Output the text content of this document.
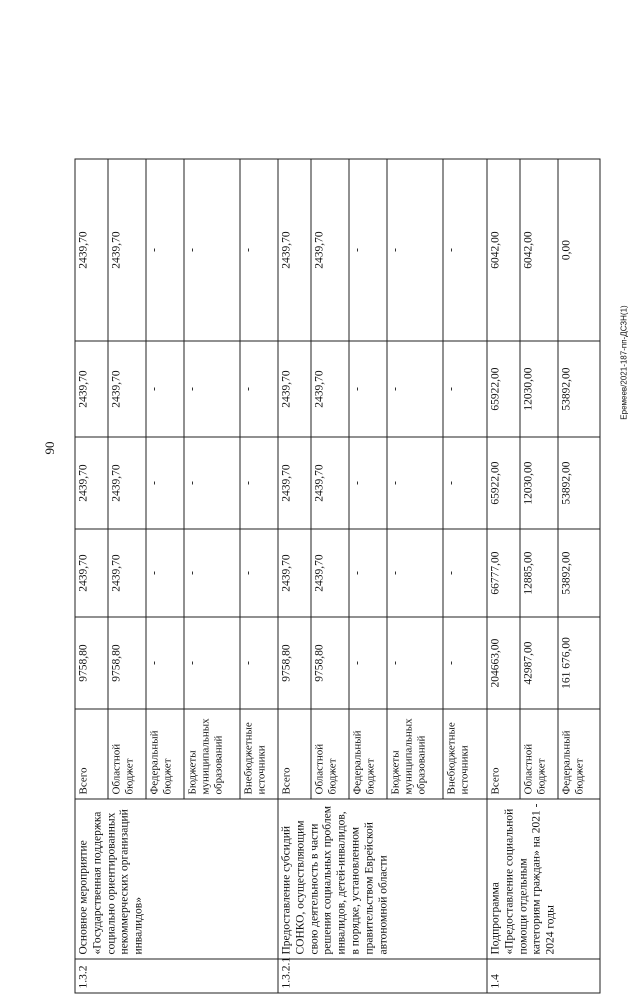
90
Еремеев/2021-187-пп-ДСЗН(1)
1.3.2	Основное мероприятие «Государственная поддержка социально ориентированных некоммерческих организаций инвалидов»	Всего	9758,80	2439,70	2439,70	2439,70	2439,70
		Областной бюджет	9758,80	2439,70	2439,70	2439,70	2439,70
		Федеральный бюджет	-	-	-	-	-
		Бюджеты муниципальных образований	-	-	-	-	-
		Внебюджетные источники	-	-	-	-	-
1.3.2.1	Предоставление субсидий СОНКО, осуществляющим свою деятельность в части решения социальных проблем инвалидов, детей-инвалидов, в порядке, установленном правительством Еврейской автономной области	Всего	9758,80	2439,70	2439,70	2439,70	2439,70
		Областной бюджет	9758,80	2439,70	2439,70	2439,70	2439,70
		Федеральный бюджет	-	-	-	-	-
		Бюджеты муниципальных образований	-	-	-	-	-
		Внебюджетные источники	-	-	-	-	-
1.4	Подпрограмма «Предоставление социальной помощи отдельным категориям граждан» на 2021 - 2024 годы	Всего	204663,00	66777,00	65922,00	65922,00	6042,00
		Областной бюджет	42987,00	12885,00	12030,00	12030,00	6042,00
		Федеральный бюджет	161 676,00	53892,00	53892,00	53892,00	0,00
